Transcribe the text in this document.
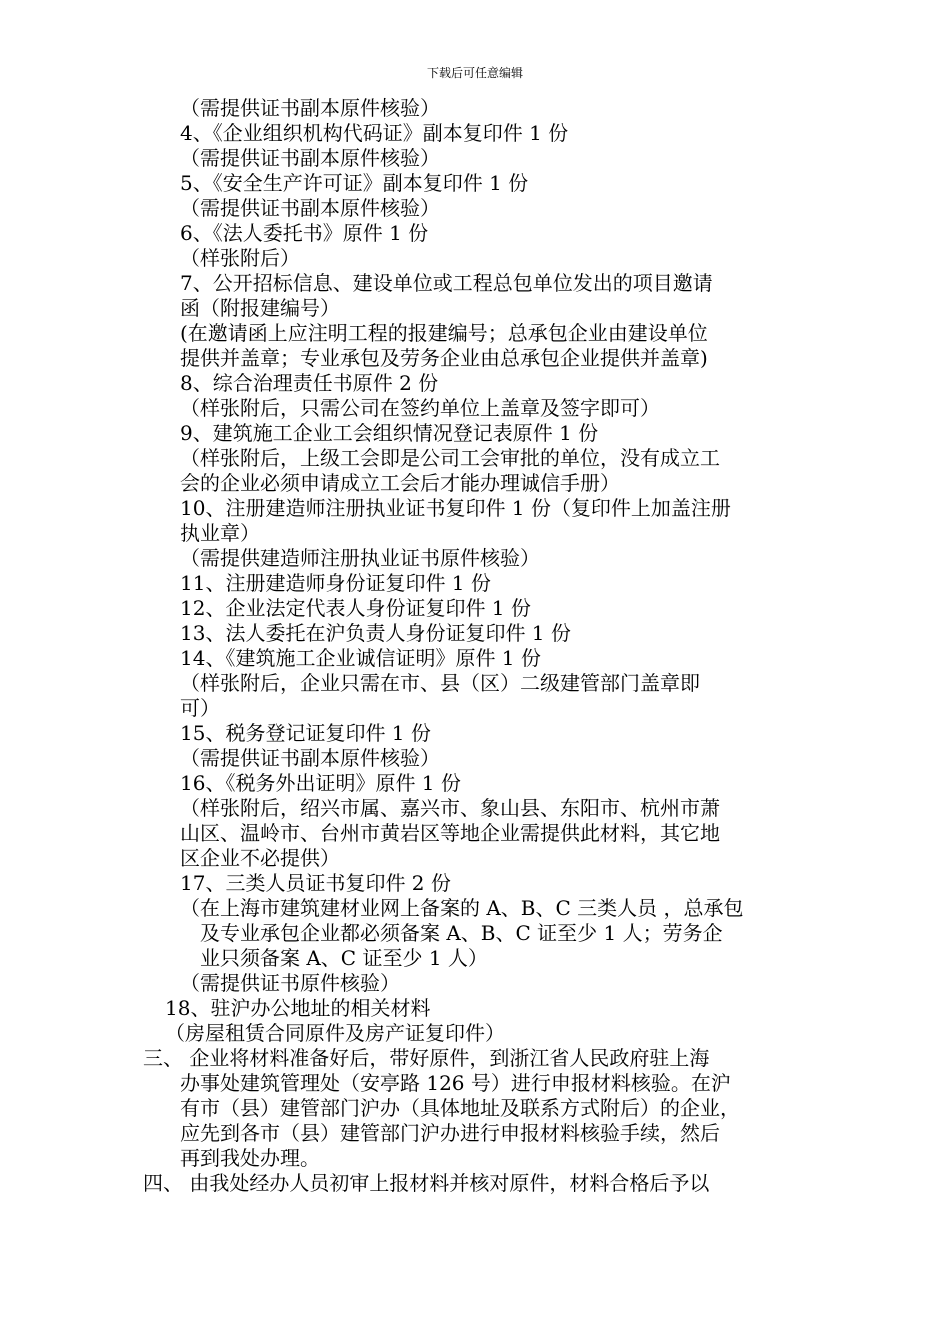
下载后可任意编辑
（需提供证书副本原件核验）
4、《企业组织机构代码证》副本复印件 1 份
（需提供证书副本原件核验）
5、《安全生产许可证》副本复印件 1 份
（需提供证书副本原件核验）
6、《法人委托书》原件 1 份
（样张附后）
7、公开招标信息、建设单位或工程总包单位发出的项目邀请
函（附报建编号）
(在邀请函上应注明工程的报建编号；总承包企业由建设单位
提供并盖章；专业承包及劳务企业由总承包企业提供并盖章)
8、综合治理责任书原件 2 份
（样张附后，只需公司在签约单位上盖章及签字即可）
9、建筑施工企业工会组织情况登记表原件 1 份
（样张附后，上级工会即是公司工会审批的单位，没有成立工
会的企业必须申请成立工会后才能办理诚信手册）
10、注册建造师注册执业证书复印件 1 份（复印件上加盖注册
执业章）
（需提供建造师注册执业证书原件核验）
11、注册建造师身份证复印件 1 份
12、企业法定代表人身份证复印件 1 份
13、法人委托在沪负责人身份证复印件 1 份
14、《建筑施工企业诚信证明》原件 1 份
（样张附后，企业只需在市、县（区）二级建管部门盖章即
可）
15、税务登记证复印件 1 份
（需提供证书副本原件核验）
16、《税务外出证明》原件 1 份
（样张附后，绍兴市属、嘉兴市、象山县、东阳市、杭州市萧
山区、温岭市、台州市黄岩区等地企业需提供此材料，其它地
区企业不必提供）
17、三类人员证书复印件 2 份
（在上海市建筑建材业网上备案的 A、B、C 三类人员 ，总承包
及专业承包企业都必须备案 A、B、C 证至少 1 人；劳务企
业只须备案 A、C 证至少 1 人）
（需提供证书原件核验）
18、驻沪办公地址的相关材料
（房屋租赁合同原件及房产证复印件）
三、 企业将材料准备好后，带好原件，到浙江省人民政府驻上海
办事处建筑管理处（安亭路 126 号）进行申报材料核验。在沪
有市（县）建管部门沪办（具体地址及联系方式附后）的企业，
应先到各市（县）建管部门沪办进行申报材料核验手续，然后
再到我处办理。
四、 由我处经办人员初审上报材料并核对原件，材料合格后予以
